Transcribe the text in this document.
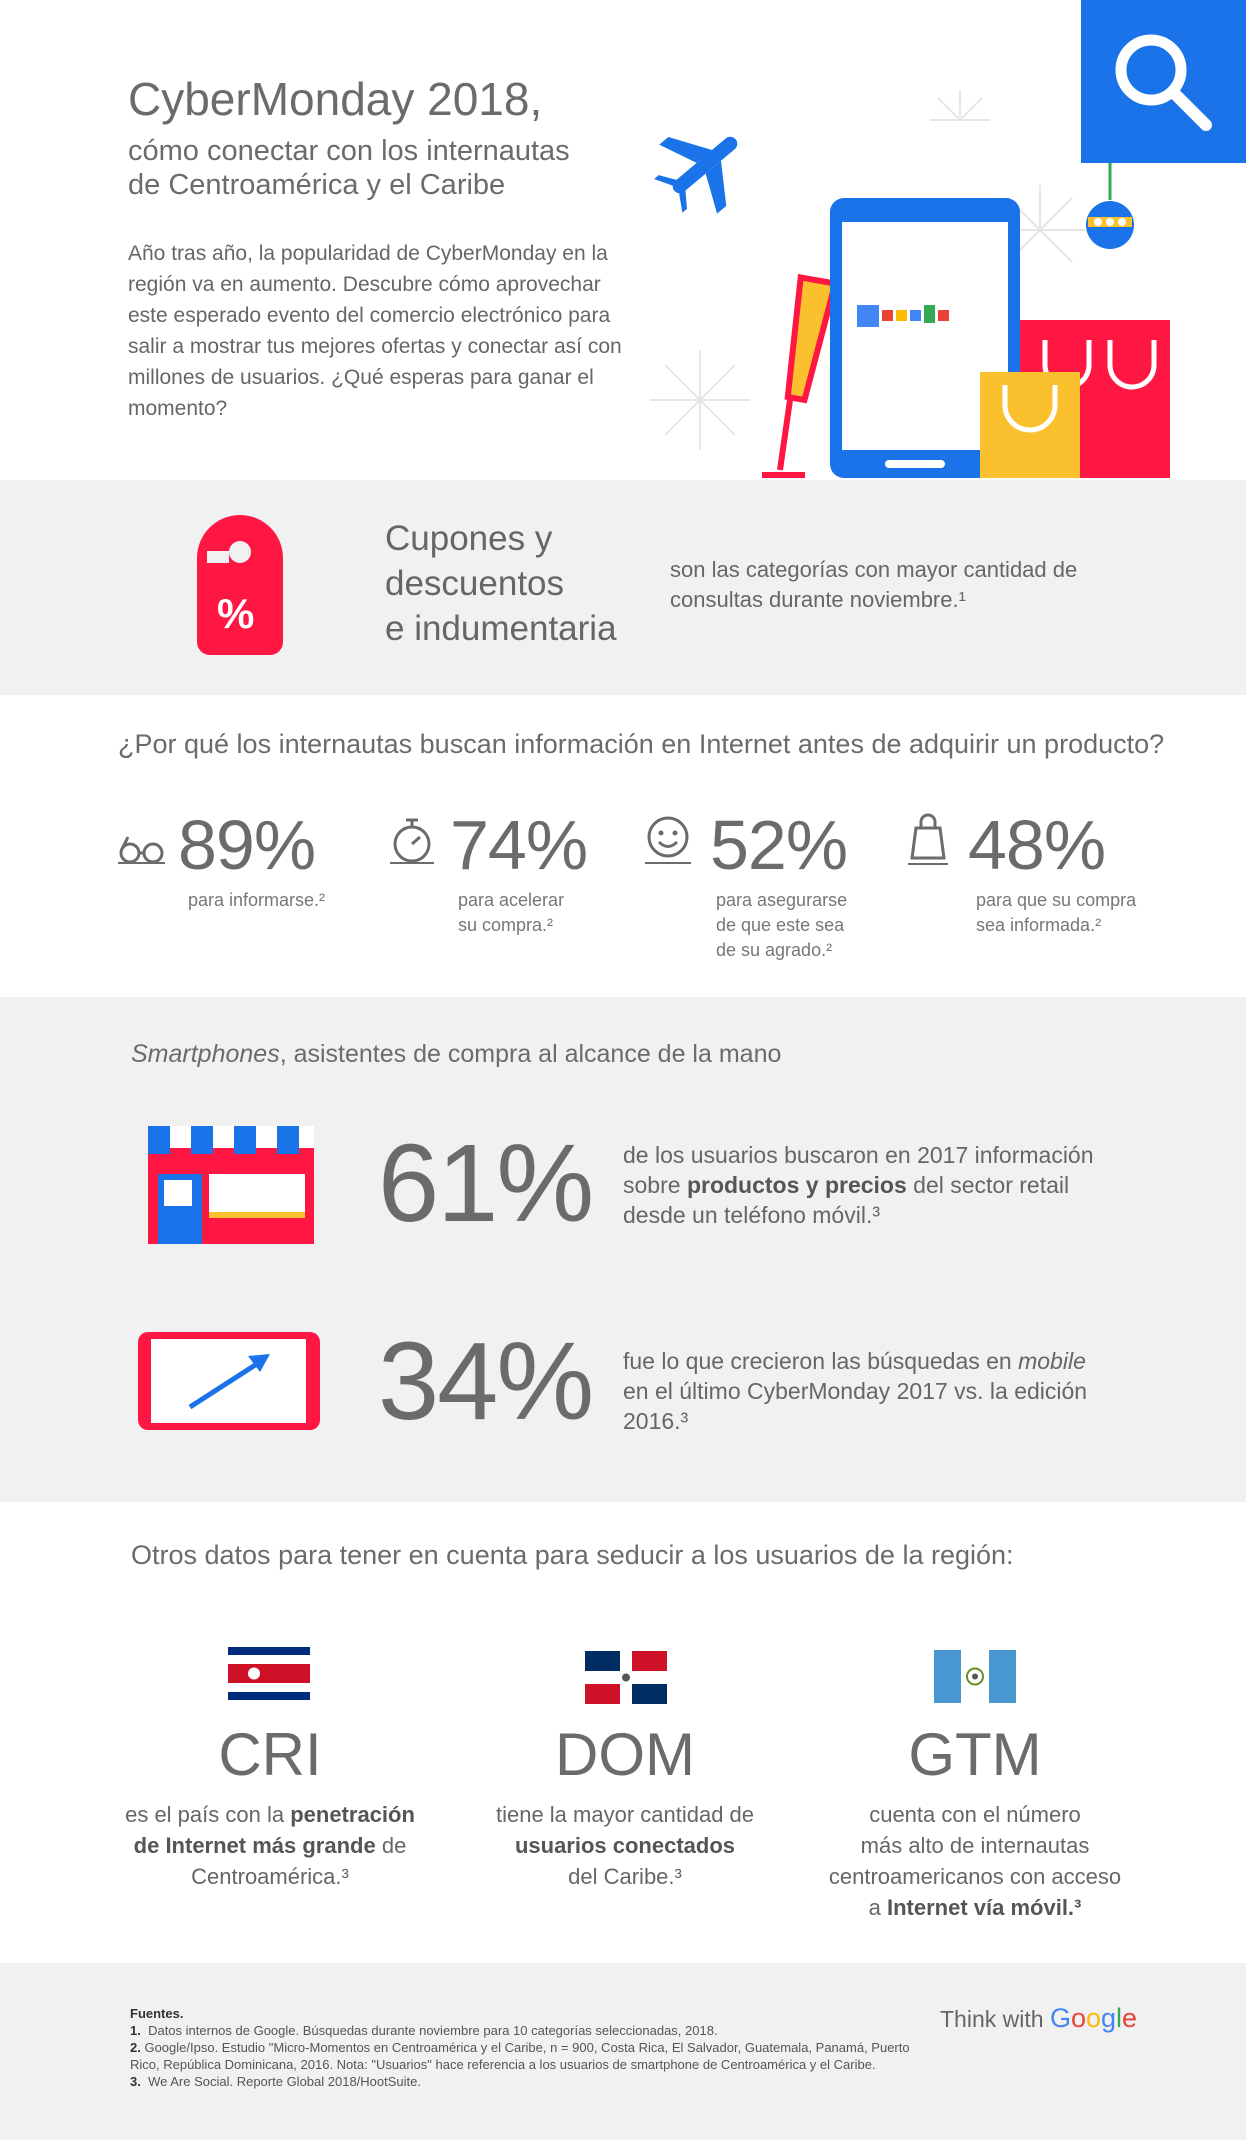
CyberMonday 2018,
cómo conectar con los internautas
de Centroamérica y el Caribe
Año tras año, la popularidad de CyberMonday en la región va en aumento. Descubre cómo aprovechar este esperado evento del comercio electrónico para salir a mostrar tus mejores ofertas y conectar así con millones de usuarios. ¿Qué esperas para ganar el momento?
%
Cupones y
descuentos
e indumentaria
son las categorías con mayor cantidad de consultas durante noviembre.¹
¿Por qué los internautas buscan información en Internet antes de adquirir un producto?
89%
para informarse.²
74%
para acelerar
su compra.²
52%
para asegurarse
de que este sea
de su agrado.²
48%
para que su compra
sea informada.²
Smartphones, asistentes de compra al alcance de la mano
61% de los usuarios buscaron en 2017 información
sobre productos y precios del sector retail
desde un teléfono móvil.³
34% fue lo que crecieron las búsquedas en mobile
en el último CyberMonday 2017 vs. la edición
2016.³
Otros datos para tener en cuenta para seducir a los usuarios de la región:
CRI
es el país con la penetración
de Internet más grande de
Centroamérica.³
DOM
tiene la mayor cantidad de
usuarios conectados
del Caribe.³
GTM
cuenta con el número
más alto de internautas
centroamericanos con acceso
a Internet vía móvil.³
Fuentes.
1. Datos internos de Google. Búsquedas durante noviembre para 10 categorías seleccionadas, 2018.
2. Google/Ipso. Estudio "Micro-Momentos en Centroamérica y el Caribe, n = 900, Costa Rica, El Salvador, Guatemala, Panamá, Puerto Rico, República Dominicana, 2016. Nota: "Usuarios" hace referencia a los usuarios de smartphone de Centroamérica y el Caribe.
3. We Are Social. Reporte Global 2018/HootSuite.
Think with Google
